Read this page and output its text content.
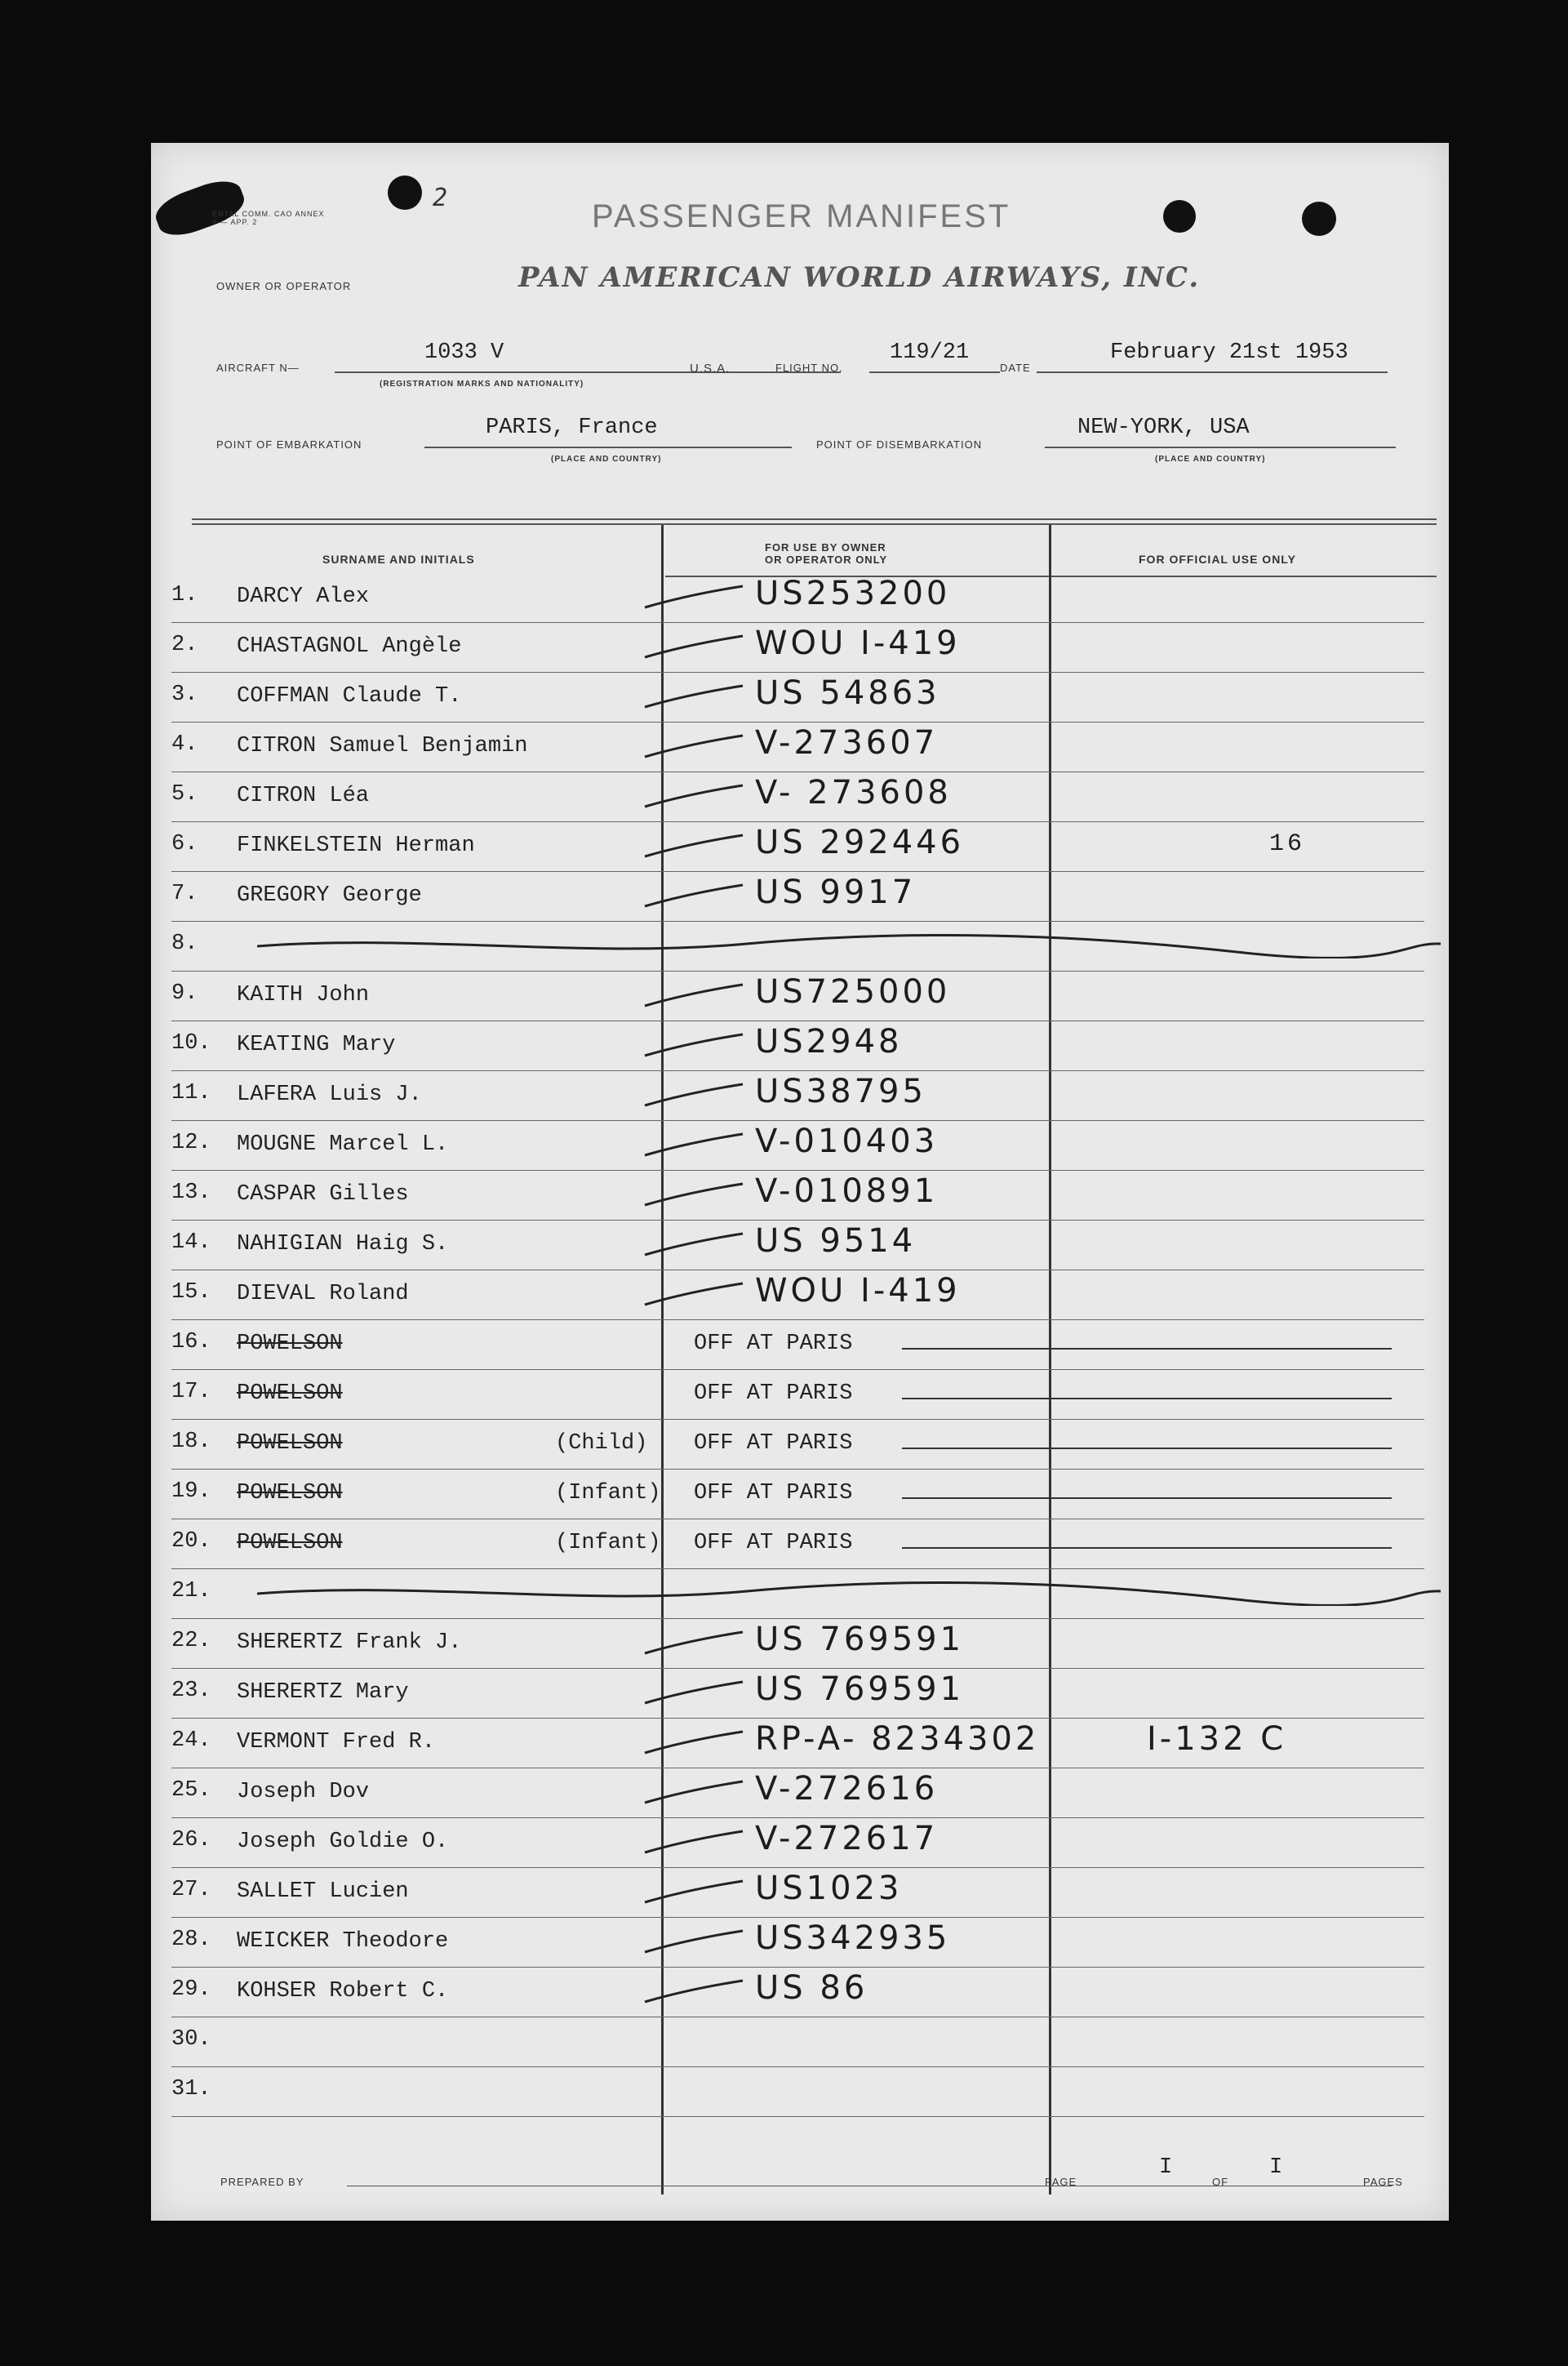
ENTAL COMM. CAO ANNEX 9 — APP. 2
2
PASSENGER MANIFEST
OWNER OR OPERATOR	PAN AMERICAN WORLD AIRWAYS, INC.
AIRCRAFT N—
1033 V
(REGISTRATION MARKS AND NATIONALITY)
U.S.A.	FLIGHT NO.
119/21
DATE
February 21st 1953
POINT OF EMBARKATION
PARIS, France
(PLACE AND COUNTRY)
POINT OF DISEMBARKATION
NEW-YORK, USA
(PLACE AND COUNTRY)
SURNAME AND INITIALS
FOR USE BY OWNER
OR OPERATOR ONLY	FOR OFFICIAL USE ONLY
1. DARCY Alex	US253200
2. CHASTAGNOL Angèle	WOU I-419
3. COFFMAN Claude T.	US 54863
4. CITRON Samuel Benjamin	V-273607
5. CITRON Léa	V- 273608
6. FINKELSTEIN Herman	US 292446	16
7. GREGORY George	US 9917
8.
9. KAITH John	US725000
10. KEATING Mary	US2948
11. LAFERA Luis J.	US38795
12. MOUGNE Marcel L.	V-010403
13. CASPAR Gilles	V-010891
14. NAHIGIAN Haig S.	US 9514
15. DIEVAL Roland	WOU I-419
16. POWELSON	OFF AT PARIS
17. POWELSON	OFF AT PARIS
18. POWELSON	(Child) OFF AT PARIS
19. POWELSON	(Infant) OFF AT PARIS
20. POWELSON	(Infant) OFF AT PARIS
21.
22. SHERERTZ Frank J.	US 769591
23. SHERERTZ Mary	US 769591
24. VERMONT Fred R.	RP-A- 8234302	I-132 C
25. Joseph Dov	V-272616
26. Joseph Goldie O.	V-272617
27. SALLET Lucien	US1023
28. WEICKER Theodore	US342935
29. KOHSER Robert C.	US 86
30.
31.
PREPARED BY	PAGE
I
OF
I
PAGES
